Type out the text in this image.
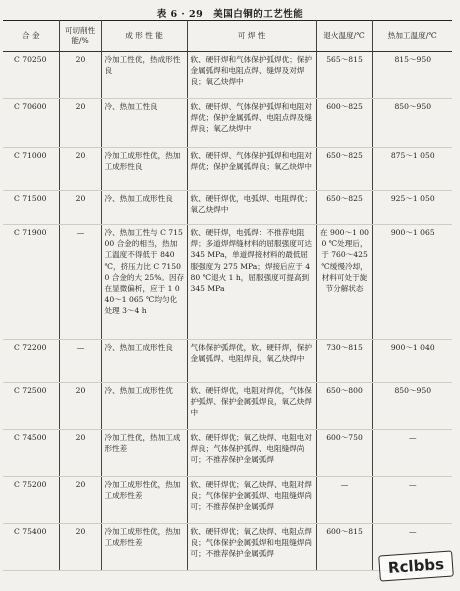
表 6 · 29 美国白铜的工艺性能
合 金	可切削性能/%	成 形 性 能	可 焊 性	退火温度/℃	热加工温度/℃
C 70250	20	冷加工性优，热成形性良	软、硬钎焊和气体保护弧焊优；保护金属弧焊和电阻点焊、缝焊及对焊良；氧乙炔焊中	565～815	815～950
C 70600	20	冷、热加工性良	软、硬钎焊、气体保护弧焊和电阻对焊优；保护金属弧焊、电阻点焊及缝焊良；氧乙炔焊中	600～825	850～950
C 71000	20	冷加工成形性优，热加工成形性良	软、硬钎焊、气体保护弧焊和电阻对焊优；保护金属弧焊良；氧乙炔焊中	650～825	875～1 050
C 71500	20	冷、热加工成形性良	软、硬钎焊优，电弧焊、电阻焊优；氧乙炔焊中	650～825	925～1 050
C 71900	—	冷、热加工性与 C 71500 合金的相当，热加工温度不得低于 840 ℃，挤压力比 C 71500 合金的大 25%。因存在显微偏析，应于 1 040～1 065 ℃均匀化处理 3～4 h	软、硬钎焊，电弧焊：不推荐电阻焊；多道焊焊缝材料的屈服强度可达 345 MPa，单道焊接材料的最低屈服强度为 275 MPa；焊接后应于 480 ℃退火 1 h，屈服强度可提高到 345 MPa	在 900～1 000 ℃处理后，于 760～425 ℃缓慢冷却，材料可处于旋节分解状态	900～1 065
C 72200	—	冷、热加工成形性良	气体保护弧焊优，软、硬钎焊，保护金属弧焊、电阻焊良，氧乙炔焊中	730～815	900～1 040
C 72500	20	冷、热加工成形性优	软、硬钎焊优，电阻对焊优，气体保护弧焊、保护金属弧焊良，氧乙炔焊中	650～800	850～950
C 74500	20	冷加工性优，热加工成形性差	软、硬钎焊优；氧乙炔焊、电阻电对焊良；气体保护弧焊、电阻缝焊尚可；不推荐保护金属弧焊	600～750	—
C 75200	20	冷加工成形性优，热加工成形性差	软、硬钎焊优；氧乙炔焊、电阻对焊良；气体保护金属弧焊、电阻缝焊尚可；不推荐保护金属弧焊	—	—
C 75400	20	冷加工成形性优，热加工成形性差	软、硬钎焊优；氧乙炔焊、电阻点焊良；气体保护金属弧焊和电阻缝焊尚可；不推荐保护金属弧焊	600～815	—
Rclbbs
